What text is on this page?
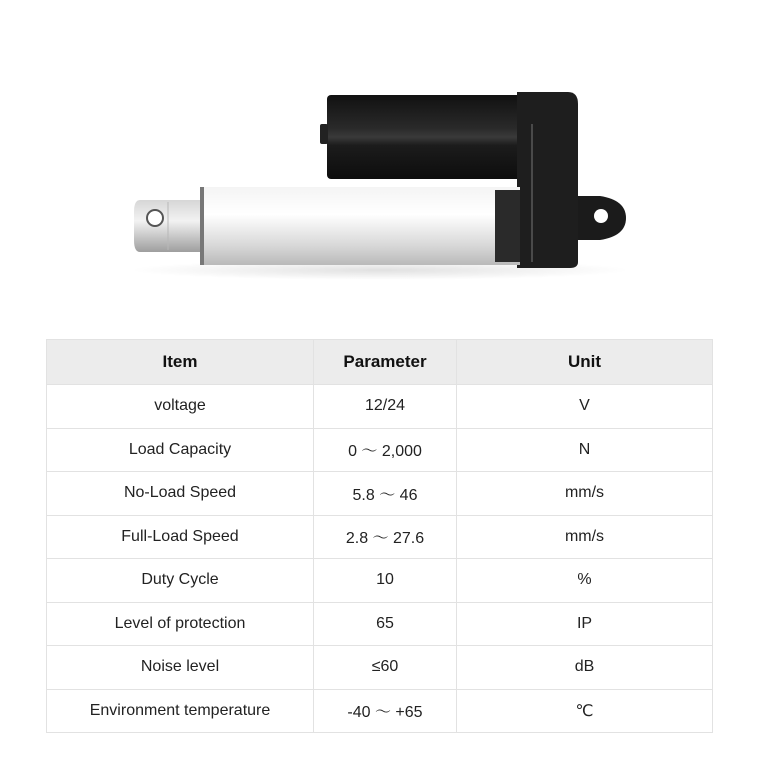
Item	Parameter	Unit
voltage	12/24	V
Load Capacity	0 ～ 2,000	N
No-Load Speed	5.8 ～ 46	mm/s
Full-Load Speed	2.8 ～ 27.6	mm/s
Duty Cycle	10	%
Level of protection	65	IP
Noise level	≤60	dB
Environment temperature	-40 ～ +65	℃
